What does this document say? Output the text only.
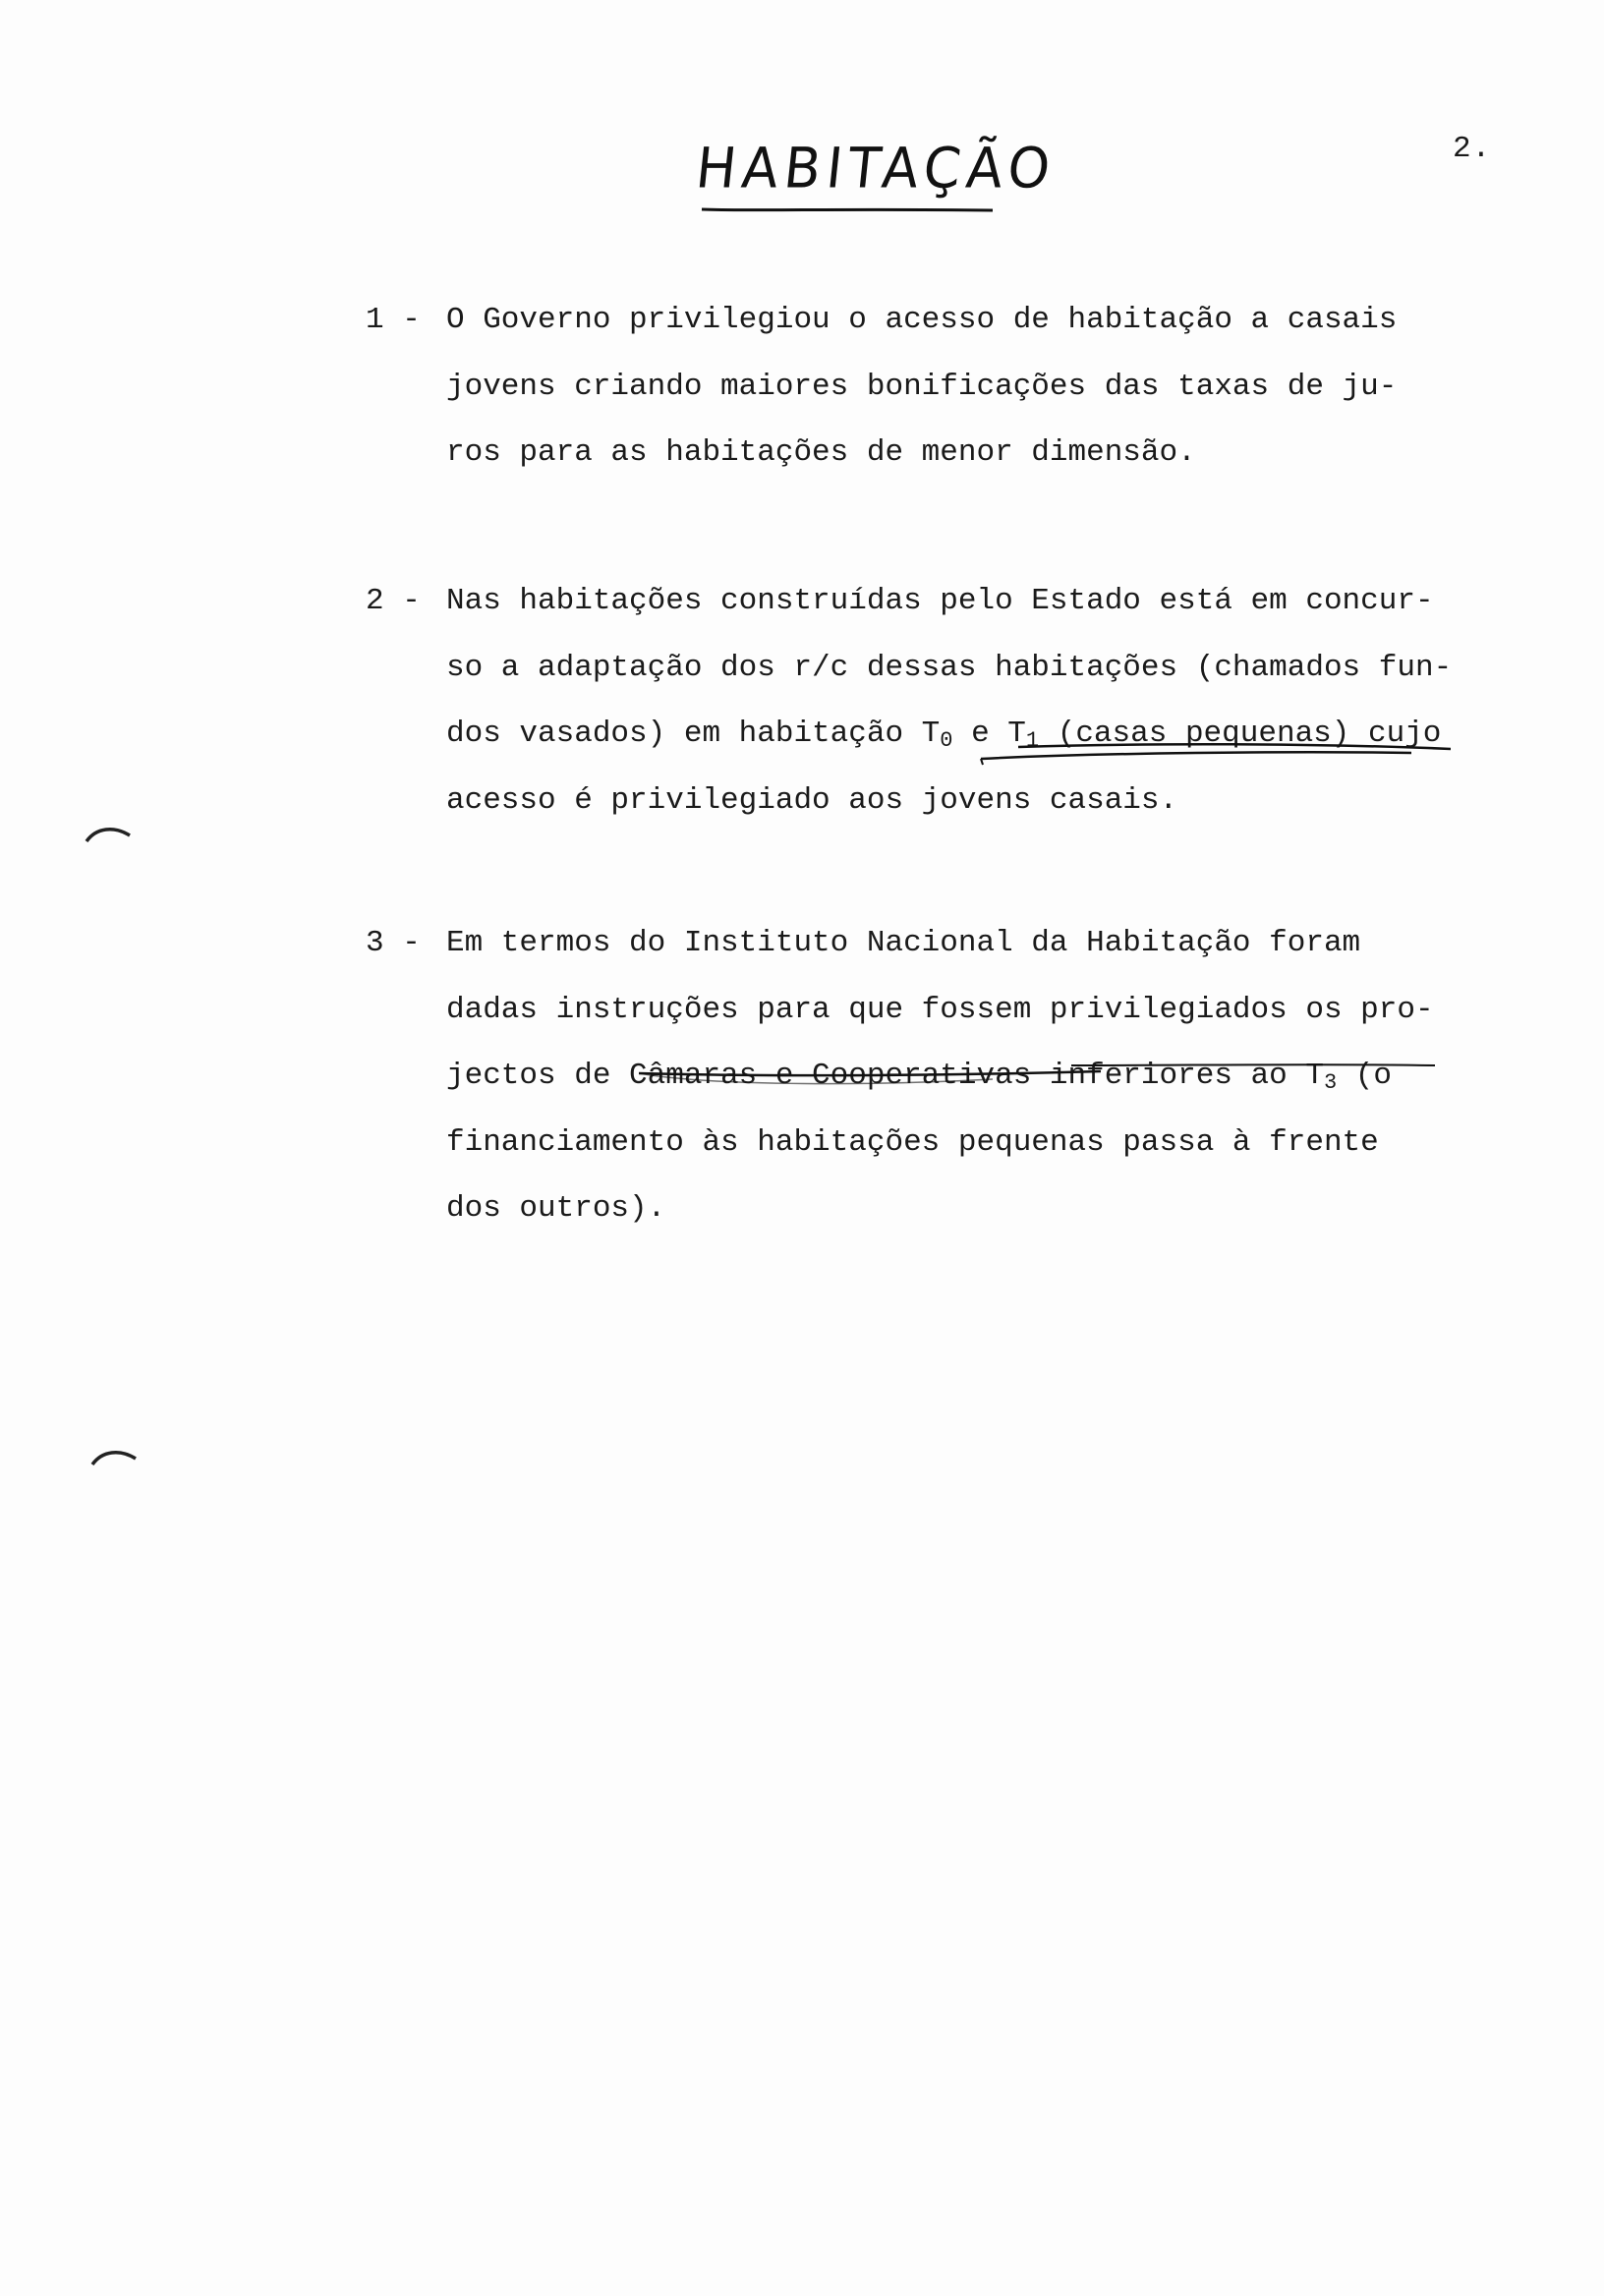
2.
HABITAÇÃO
1 - O Governo privilegiou o acesso de habitação a casais
jovens criando maiores bonificações das taxas de ju-
ros para as habitações de menor dimensão.
2 - Nas habitações construídas pelo Estado está em concur-
so a adaptação dos r/c dessas habitações (chamados fun-
dos vasados) em habitação $T_0$ e $T_1$ (casas pequenas) cujo
acesso é privilegiado aos jovens casais.
3 - Em termos do Instituto Nacional da Habitação foram
dadas instruções para que fossem privilegiados os pro-
jectos de Câmaras e Cooperativas inferiores ao $T_3$ (o
financiamento às habitações pequenas passa à frente
dos outros).
